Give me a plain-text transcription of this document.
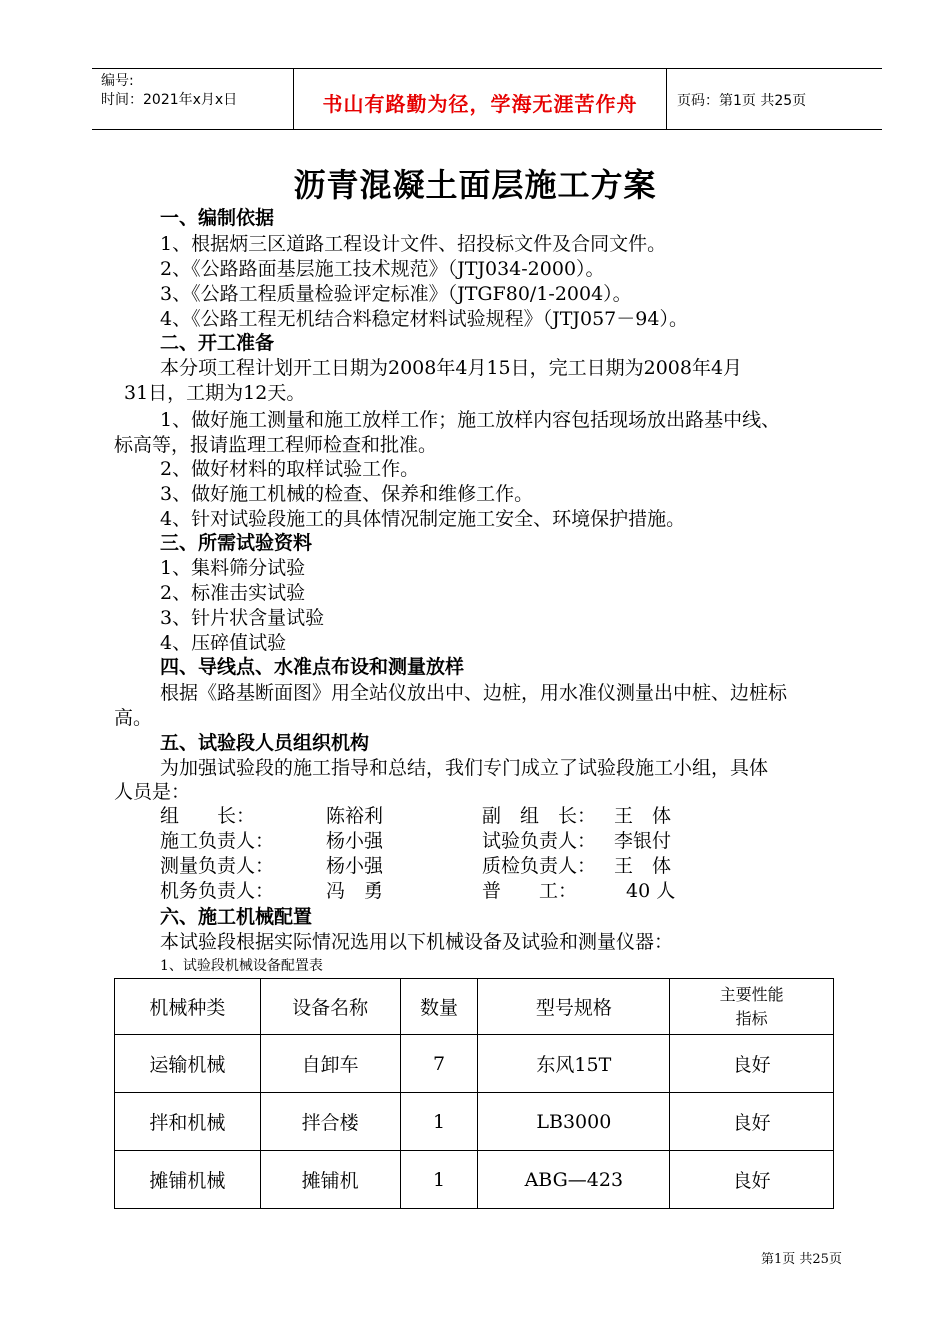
编号:
时间：2021年x月x日	书山有路勤为径，学海无涯苦作舟	页码：第1页 共25页
沥青混凝土面层施工方案
一、编制依据
1、根据炳三区道路工程设计文件、招投标文件及合同文件。
2、《公路路面基层施工技术规范》（JTJ034-2000）。
3、《公路工程质量检验评定标准》（JTGF80/1-2004）。
4、《公路工程无机结合料稳定材料试验规程》（JTJ057－94）。
二、开工准备
本分项工程计划开工日期为2008年4月15日，完工日期为2008年4月
31日，工期为12天。
1、做好施工测量和施工放样工作；施工放样内容包括现场放出路基中线、
标高等，报请监理工程师检查和批准。
2、做好材料的取样试验工作。
3、做好施工机械的检查、保养和维修工作。
4、针对试验段施工的具体情况制定施工安全、环境保护措施。
三、所需试验资料
1、集料筛分试验
2、标准击实试验
3、针片状含量试验
4、压碎值试验
四、导线点、水准点布设和测量放样
根据《路基断面图》用全站仪放出中、边桩，用水准仪测量出中桩、边桩标
高。
五、试验段人员组织机构
为加强试验段的施工指导和总结，我们专门成立了试验段施工小组，具体
人员是：
组　　长：	陈裕利	副　组　长： 王　体
施工负责人：	杨小强	试验负责人： 李银付
测量负责人：	杨小强	质检负责人： 王　体
机务负责人：	冯　勇	普　　工：	40 人
六、施工机械配置
本试验段根据实际情况选用以下机械设备及试验和测量仪器：
1、试验段机械设备配置表
机械种类	设备名称	数量	型号规格	主要性能
指标

运输机械	自卸车	7	东风15T	良好
拌和机械	拌合楼	1	LB3000	良好
摊铺机械	摊铺机	1	ABG—423	良好
第1页 共25页
